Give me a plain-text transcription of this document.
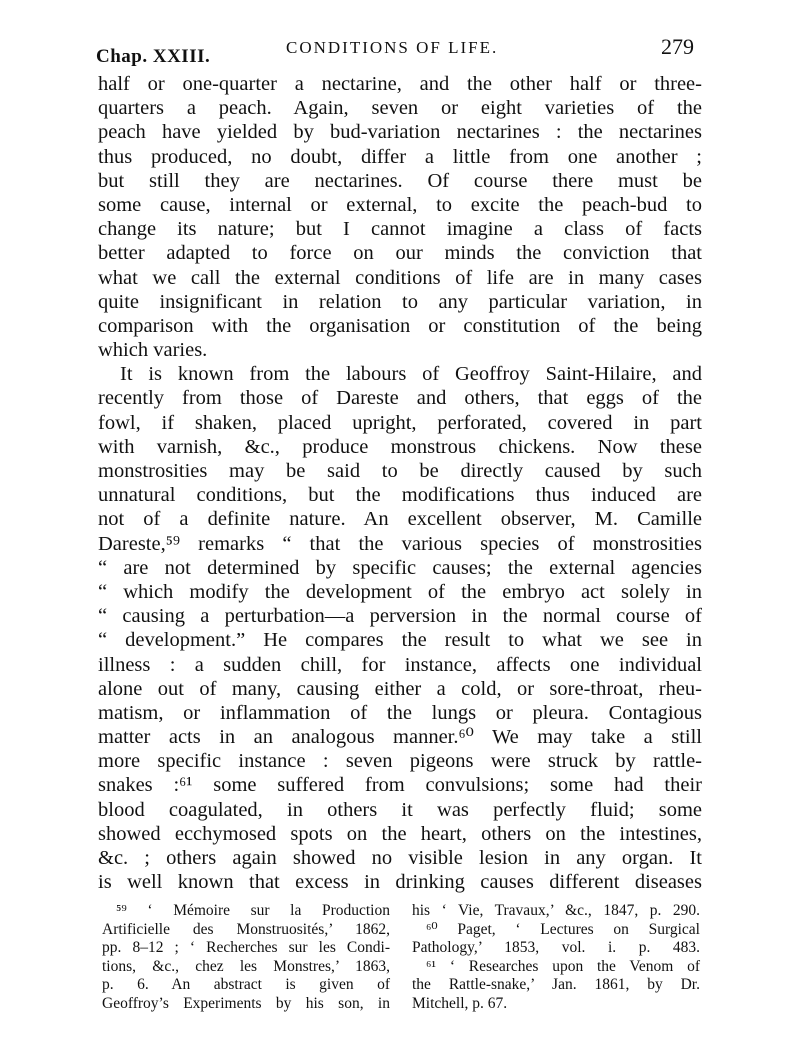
Chap. XXIII.	CONDITIONS OF LIFE.	279
half or one-quarter a nectarine, and the other half or three-
quarters a peach. Again, seven or eight varieties of the
peach have yielded by bud-variation nectarines : the nectarines
thus produced, no doubt, differ a little from one another ;
but still they are nectarines. Of course there must be
some cause, internal or external, to excite the peach-bud to
change its nature; but I cannot imagine a class of facts
better adapted to force on our minds the conviction that
what we call the external conditions of life are in many cases
quite insignificant in relation to any particular variation, in
comparison with the organisation or constitution of the being
which varies.
It is known from the labours of Geoffroy Saint-Hilaire, and
recently from those of Dareste and others, that eggs of the
fowl, if shaken, placed upright, perforated, covered in part
with varnish, &c., produce monstrous chickens. Now these
monstrosities may be said to be directly caused by such
unnatural conditions, but the modifications thus induced are
not of a definite nature. An excellent observer, M. Camille
Dareste,⁵⁹ remarks “ that the various species of monstrosities
“ are not determined by specific causes; the external agencies
“ which modify the development of the embryo act solely in
“ causing a perturbation—a perversion in the normal course of
“ development.” He compares the result to what we see in
illness : a sudden chill, for instance, affects one individual
alone out of many, causing either a cold, or sore-throat, rheu-
matism, or inflammation of the lungs or pleura. Contagious
matter acts in an analogous manner.⁶⁰ We may take a still
more specific instance : seven pigeons were struck by rattle-
snakes :⁶¹ some suffered from convulsions; some had their
blood coagulated, in others it was perfectly fluid; some
showed ecchymosed spots on the heart, others on the intestines,
&c. ; others again showed no visible lesion in any organ. It
is well known that excess in drinking causes different diseases
⁵⁹ ‘ Mémoire sur la Production
Artificielle des Monstruosités,’ 1862,
pp. 8–12 ; ‘ Recherches sur les Condi-
tions, &c., chez les Monstres,’ 1863,
p. 6. An abstract is given of
Geoffroy’s Experiments by his son, in
his ‘ Vie, Travaux,’ &c., 1847, p. 290.
⁶⁰ Paget, ‘ Lectures on Surgical
Pathology,’ 1853, vol. i. p. 483.
⁶¹ ‘ Researches upon the Venom of
the Rattle-snake,’ Jan. 1861, by Dr.
Mitchell, p. 67.
